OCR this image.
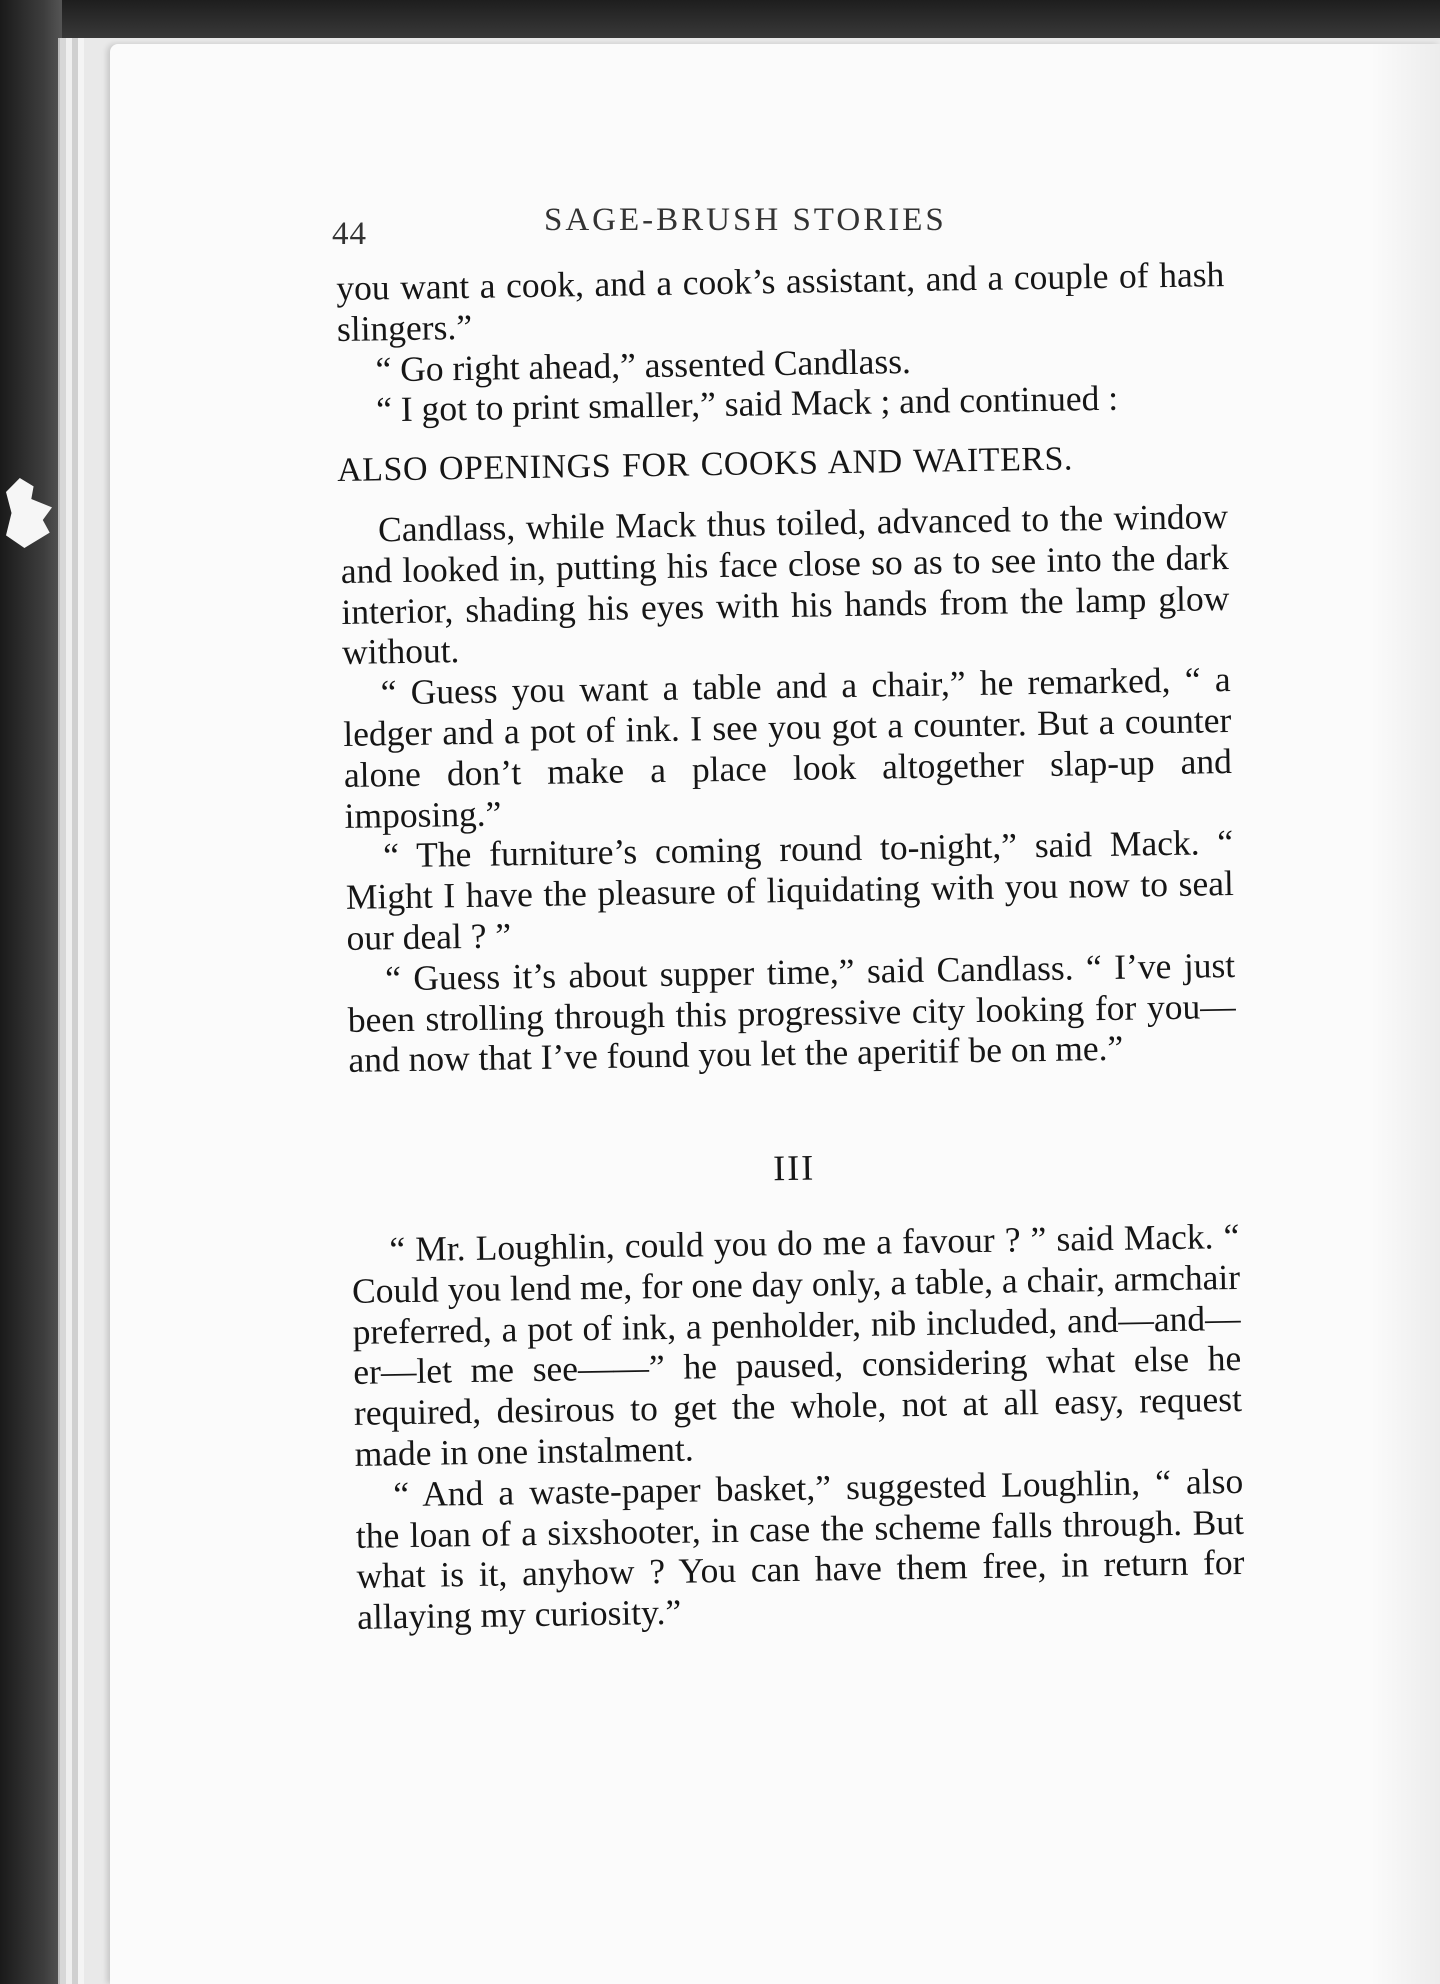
44	SAGE-BRUSH STORIES

you want a cook, and a cook’s assistant, and a couple of hash slingers.”

“ Go right ahead,” assented Candlass.

“ I got to print smaller,” said Mack ; and continued :

ALSO OPENINGS FOR COOKS AND WAITERS.

Candlass, while Mack thus toiled, advanced to the window and looked in, putting his face close so as to see into the dark interior, shading his eyes with his hands from the lamp glow without.

“ Guess you want a table and a chair,” he remarked, “ a ledger and a pot of ink. I see you got a counter. But a counter alone don’t make a place look altogether slap-up and imposing.”

“ The furniture’s coming round to-night,” said Mack. “ Might I have the pleasure of liquidating with you now to seal our deal ? ”

“ Guess it’s about supper time,” said Candlass. “ I’ve just been strolling through this progressive city looking for you—and now that I’ve found you let the aperitif be on me.”

III

“ Mr. Loughlin, could you do me a favour ? ” said Mack. “ Could you lend me, for one day only, a table, a chair, armchair preferred, a pot of ink, a penholder, nib included, and—and—er—let me see——” he paused, considering what else he required, desirous to get the whole, not at all easy, request made in one instalment.

“ And a waste-paper basket,” suggested Loughlin, “ also the loan of a sixshooter, in case the scheme falls through. But what is it, anyhow ? You can have them free, in return for allaying my curiosity.”
